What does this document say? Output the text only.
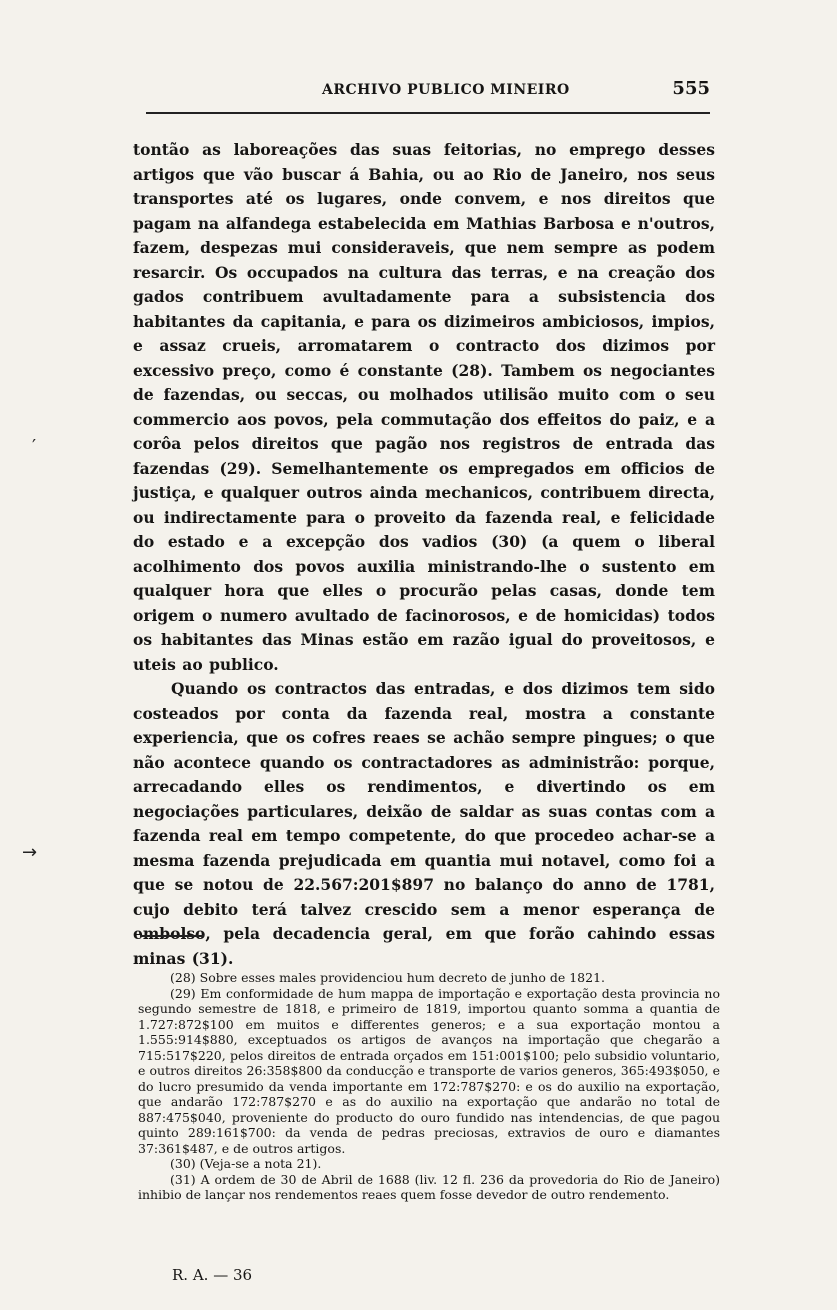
ARCHIVO PUBLICO MINEIRO	555
′
→

tontão as laboreações das suas feitorias, no emprego desses artigos que vão buscar á Bahia, ou ao Rio de Janeiro, nos seus transportes até os lugares, onde convem, e nos direitos que pagam na alfandega estabelecida em Mathias Barbosa e n'outros, fazem, despezas mui consideraveis, que nem sempre as podem resarcir. Os occupados na cultura das terras, e na creação dos gados contribuem avultadamente para a subsistencia dos habitantes da capitania, e para os dizimeiros ambiciosos, impios, e assaz crueis, arromatarem o contracto dos dizimos por excessivo preço, como é constante (28). Tambem os negociantes de fazendas, ou seccas, ou molhados utilisão muito com o seu commercio aos povos, pela commutação dos effeitos do paiz, e a corôa pelos direitos que pagão nos registros de entrada das fazendas (29). Semelhantemente os empregados em officios de justiça, e qualquer outros ainda mechanicos, contribuem directa, ou indirectamente para o proveito da fazenda real, e felicidade do estado e a excepção dos vadios (30) (a quem o liberal acolhimento dos povos auxilia ministrando-lhe o sustento em qualquer hora que elles o procurão pelas casas, donde tem origem o numero avultado de facinorosos, e de homicidas) todos os habitantes das Minas estão em razão igual do proveitosos, e uteis ao publico.

Quando os contractos das entradas, e dos dizimos tem sido costeados por conta da fazenda real, mostra a constante experiencia, que os cofres reaes se achão sempre pingues; o que não acontece quando os contractadores as administrão: porque, arrecadando elles os rendimentos, e divertindo os em negociações particulares, deixão de saldar as suas contas com a fazenda real em tempo competente, do que procedeo achar-se a mesma fazenda prejudicada em quantia mui notavel, como foi a que se notou de 22.567:201$897 no balanço do anno de 1781, cujo debito terá talvez crescido sem a menor esperança de embolso, pela decadencia geral, em que forão cahindo essas minas (31).

(28) Sobre esses males providenciou hum decreto de junho de 1821.

(29) Em conformidade de hum mappa de importação e exportação desta provincia no segundo semestre de 1818, e primeiro de 1819, importou quanto somma a quantia de 1.727:872$100 em muitos e differentes generos; e a sua exportação montou a 1.555:914$880, exceptuados os artigos de avanços na importação que chegarão a 715:517$220, pelos direitos de entrada orçados em 151:001$100; pelo subsidio voluntario, e outros direitos 26:358$800 da conducção e transporte de varios generos, 365:493$050, e do lucro presumido da venda importante em 172:787$270: e os do auxilio na exportação, que andarão 172:787$270 e as do auxilio na exportação que andarão no total de 887:475$040, proveniente do producto do ouro fundido nas intendencias, de que pagou quinto 289:161$700: da venda de pedras preciosas, extravios de ouro e diamantes 37:361$487, e de outros artigos.

(30) (Veja-se a nota 21).

(31) A ordem de 30 de Abril de 1688 (liv. 12 fl. 236 da provedoria do Rio de Janeiro) inhibio de lançar nos rendementos reaes quem fosse devedor de outro rendemento.

R. A. — 36
